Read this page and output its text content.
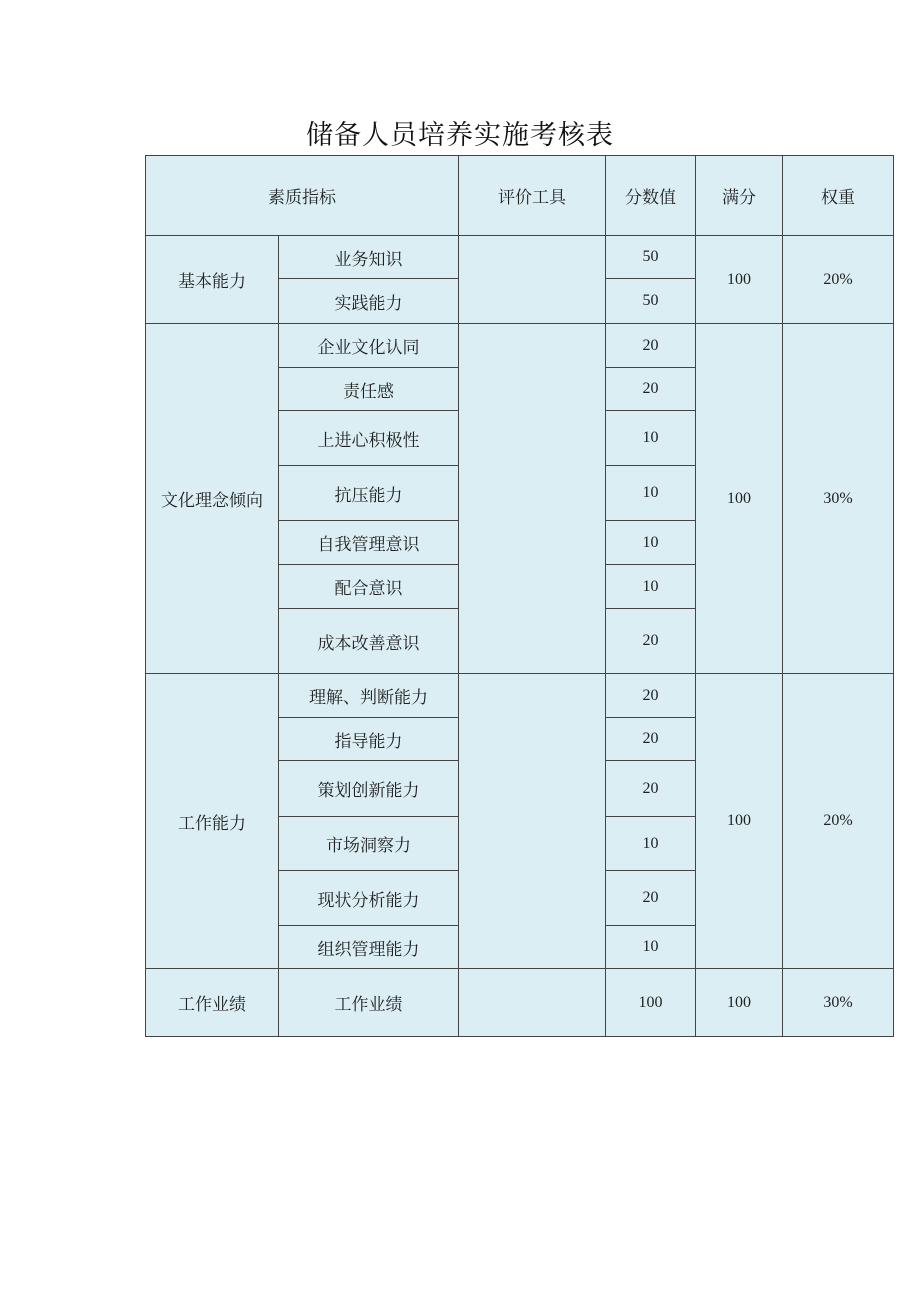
储备人员培养实施考核表
素质指标		评价工具	分数值	满分	权重
基本能力	业务知识		50	100	20%
	实践能力		50		
文化理念倾向	企业文化认同		20	100	30%
	责任感		20		
	上进心积极性		10		
	抗压能力		10		
	自我管理意识		10		
	配合意识		10		
	成本改善意识		20		
工作能力	理解、判断能力		20	100	20%
	指导能力		20		
	策划创新能力		20		
	市场洞察力		10		
	现状分析能力		20		
	组织管理能力		10		
工作业绩	工作业绩		100	100	30%
